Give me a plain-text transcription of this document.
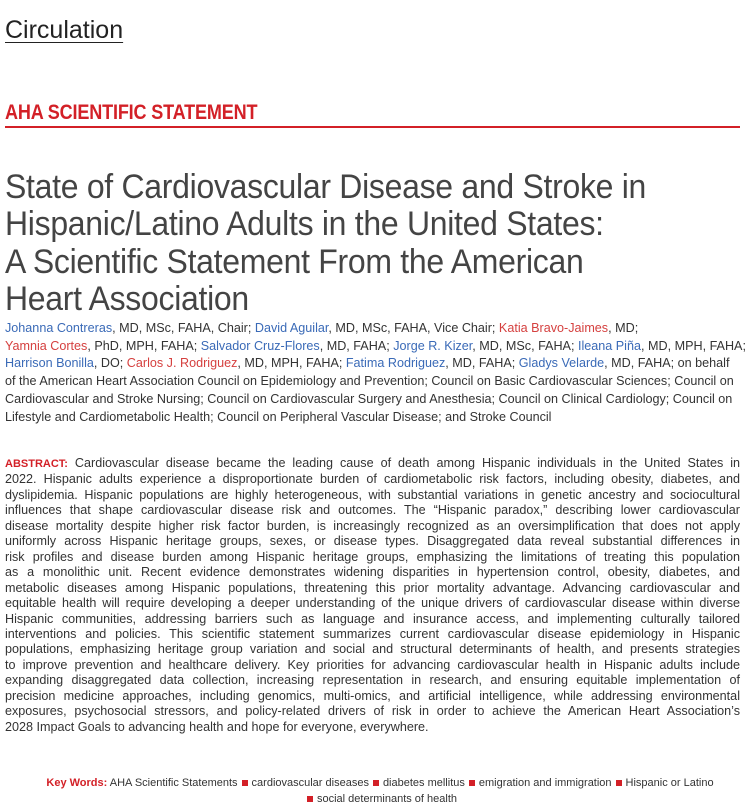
Circulation
AHA SCIENTIFIC STATEMENT
State of Cardiovascular Disease and Stroke in
Hispanic/Latino Adults in the United States:
A Scientific Statement From the American
Heart Association
Johanna Contreras, MD, MSc, FAHA, Chair; David Aguilar, MD, MSc, FAHA, Vice Chair; Katia Bravo-Jaimes, MD;
Yamnia Cortes, PhD, MPH, FAHA; Salvador Cruz-Flores, MD, FAHA; Jorge R. Kizer, MD, MSc, FAHA; Ileana Piña, MD, MPH, FAHA;
Harrison Bonilla, DO; Carlos J. Rodriguez, MD, MPH, FAHA; Fatima Rodriguez, MD, FAHA; Gladys Velarde, MD, FAHA; on behalf
of the American Heart Association Council on Epidemiology and Prevention; Council on Basic Cardiovascular Sciences; Council on
Cardiovascular and Stroke Nursing; Council on Cardiovascular Surgery and Anesthesia; Council on Clinical Cardiology; Council on
Lifestyle and Cardiometabolic Health; Council on Peripheral Vascular Disease; and Stroke Council
ABSTRACT: Cardiovascular disease became the leading cause of death among Hispanic individuals in the United States in
2022. Hispanic adults experience a disproportionate burden of cardiometabolic risk factors, including obesity, diabetes, and
dyslipidemia. Hispanic populations are highly heterogeneous, with substantial variations in genetic ancestry and sociocultural
influences that shape cardiovascular disease risk and outcomes. The “Hispanic paradox,” describing lower cardiovascular
disease mortality despite higher risk factor burden, is increasingly recognized as an oversimplification that does not apply
uniformly across Hispanic heritage groups, sexes, or disease types. Disaggregated data reveal substantial differences in
risk profiles and disease burden among Hispanic heritage groups, emphasizing the limitations of treating this population
as a monolithic unit. Recent evidence demonstrates widening disparities in hypertension control, obesity, diabetes, and
metabolic diseases among Hispanic populations, threatening this prior mortality advantage. Advancing cardiovascular and
equitable health will require developing a deeper understanding of the unique drivers of cardiovascular disease within diverse
Hispanic communities, addressing barriers such as language and insurance access, and implementing culturally tailored
interventions and policies. This scientific statement summarizes current cardiovascular disease epidemiology in Hispanic
populations, emphasizing heritage group variation and social and structural determinants of health, and presents strategies
to improve prevention and healthcare delivery. Key priorities for advancing cardiovascular health in Hispanic adults include
expanding disaggregated data collection, increasing representation in research, and ensuring equitable implementation of
precision medicine approaches, including genomics, multi-omics, and artificial intelligence, while addressing environmental
exposures, psychosocial stressors, and policy-related drivers of risk in order to achieve the American Heart Association’s
2028 Impact Goals to advancing health and hope for everyone, everywhere.
Key Words: AHA Scientific Statements cardiovascular diseases diabetes mellitus emigration and immigration Hispanic or Latino
social determinants of health
